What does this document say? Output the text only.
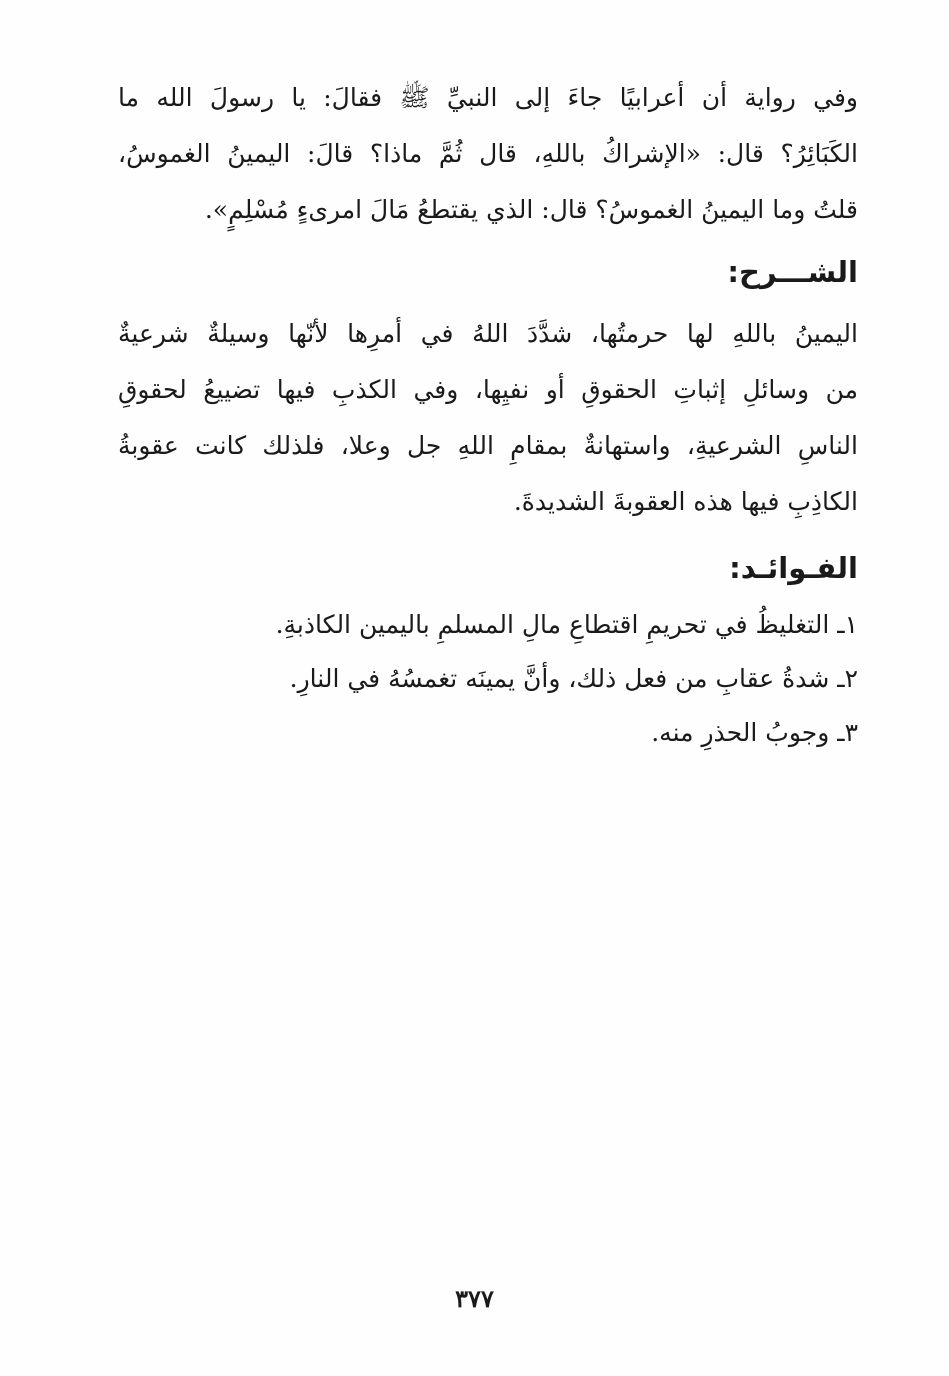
وفي رواية أن أعرابيًا جاءَ إلى النبيِّ ﷺ فقالَ: يا رسولَ الله ما
الكَبَائِرُ؟ قال: «الإشراكُ باللهِ، قال ثُمَّ ماذا؟ قالَ: اليمينُ الغموسُ،
قلتُ وما اليمينُ الغموسُ؟ قال: الذي يقتطعُ مَالَ امرىءٍ مُسْلِمٍ».
الشـــرح:
اليمينُ باللهِ لها حرمتُها، شدَّدَ اللهُ في أمرِها لأنّها وسيلةٌ شرعيةٌ
من وسائلِ إثباتِ الحقوقِ أو نفيِها، وفي الكذبِ فيها تضييعُ لحقوقِ
الناسِ الشرعيةِ، واستهانةٌ بمقامِ اللهِ جل وعلا، فلذلك كانت عقوبةُ
الكاذِبِ فيها هذه العقوبةَ الشديدةَ.
الفـوائـد:
١ـ التغليظُ في تحريمِ اقتطاعِ مالِ المسلمِ باليمين الكاذبةِ.
٢ـ شدةُ عقابِ من فعل ذلك، وأنَّ يمينَه تغمسُهُ في النارِ.
٣ـ وجوبُ الحذرِ منه.
٣٧٧
